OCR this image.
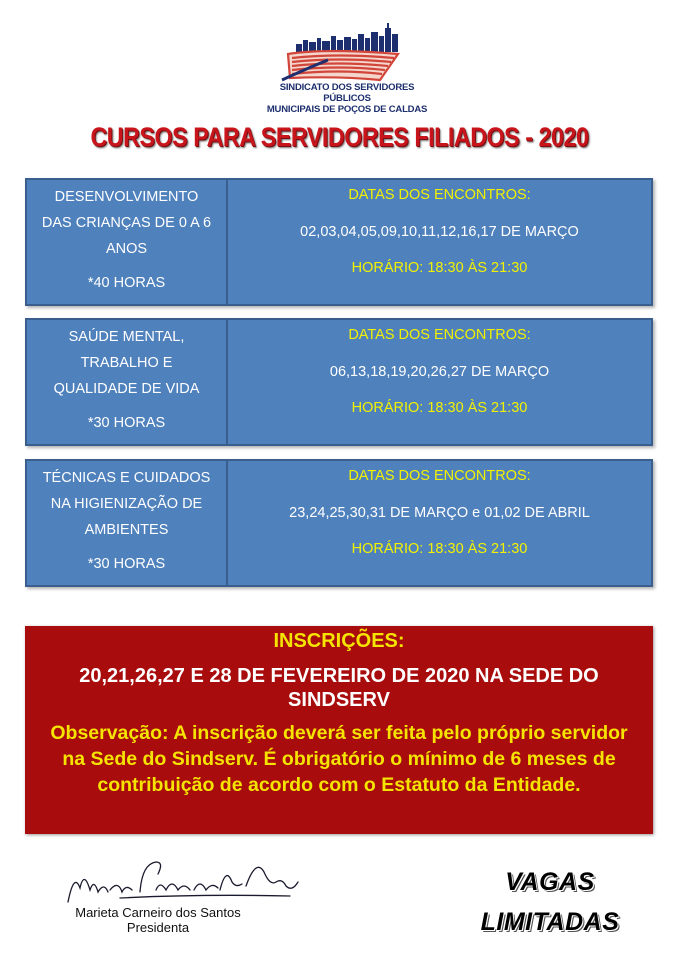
SINDICATO DOS SERVIDORES PÚBLICOS
MUNICIPAIS DE POÇOS DE CALDAS
CURSOS PARA SERVIDORES FILIADOS - 2020
DESENVOLVIMENTO
DAS CRIANÇAS DE 0 A 6
ANOS
*40 HORAS
DATAS DOS ENCONTROS:
02,03,04,05,09,10,11,12,16,17 DE MARÇO
HORÁRIO: 18:30 ÀS 21:30
SAÚDE MENTAL,
TRABALHO E
QUALIDADE DE VIDA
*30 HORAS
DATAS DOS ENCONTROS:
06,13,18,19,20,26,27 DE MARÇO
HORÁRIO: 18:30 ÀS 21:30
TÉCNICAS E CUIDADOS
NA HIGIENIZAÇÃO DE
AMBIENTES
*30 HORAS
DATAS DOS ENCONTROS:
23,24,25,30,31 DE MARÇO e 01,02 DE ABRIL
HORÁRIO: 18:30 ÀS 21:30
INSCRIÇÕES:
20,21,26,27 E 28 DE FEVEREIRO DE 2020 NA SEDE DO SINDSERV
Observação: A inscrição deverá ser feita pelo próprio servidor na Sede do Sindserv. É obrigatório o mínimo de 6 meses de contribuição de acordo com o Estatuto da Entidade.
Marieta Carneiro dos Santos
Presidenta
VAGAS
LIMITADAS
